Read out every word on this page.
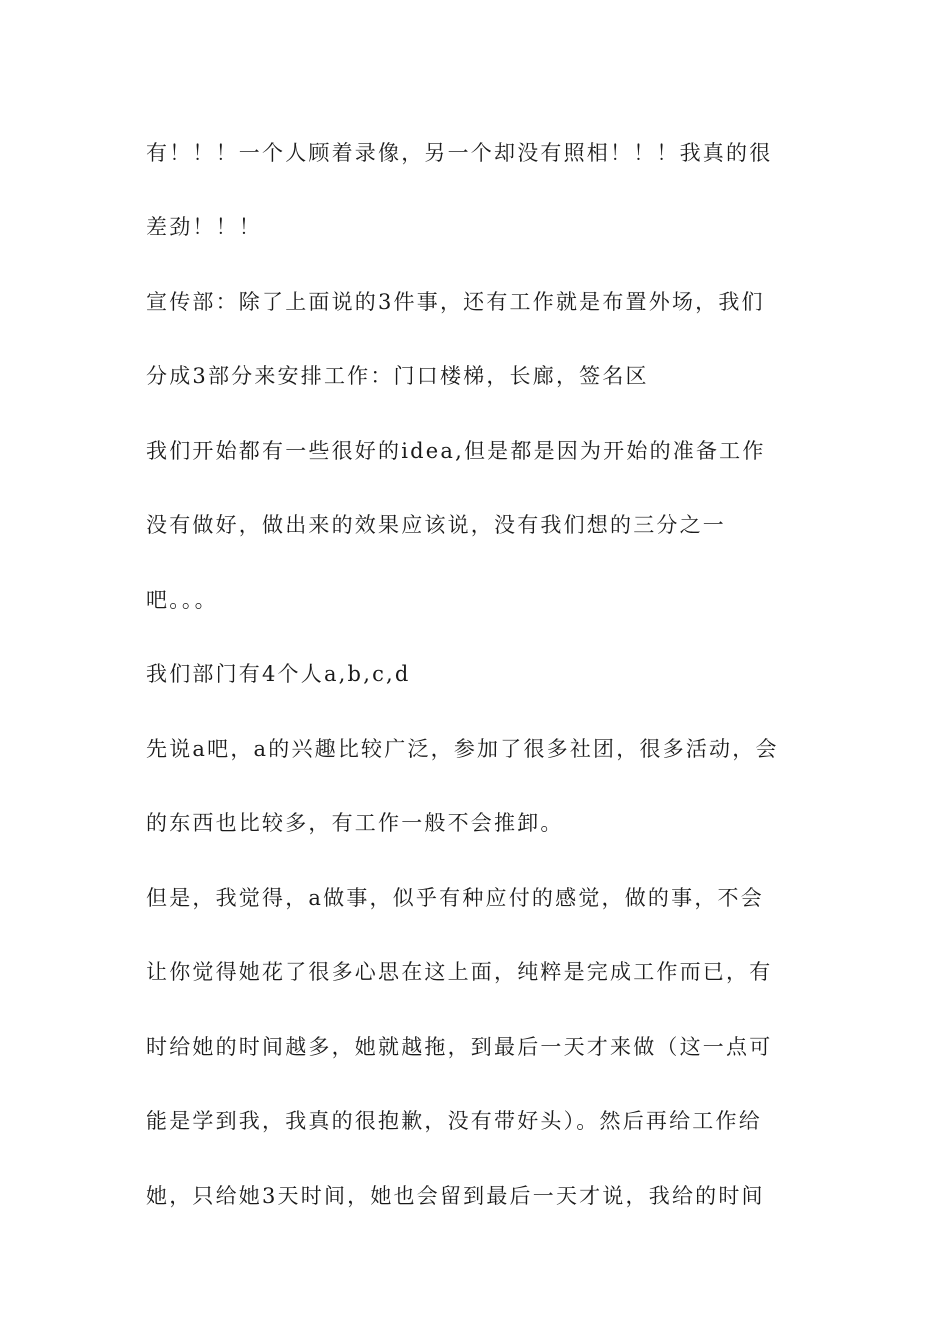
有！！！一个人顾着录像，另一个却没有照相！！！我真的很
差劲！！！
宣传部：除了上面说的3件事，还有工作就是布置外场，我们
分成3部分来安排工作：门口楼梯，长廊，签名区
我们开始都有一些很好的idea,但是都是因为开始的准备工作
没有做好，做出来的效果应该说，没有我们想的三分之一
吧。。。
我们部门有4个人a,b,c,d
先说a吧，a的兴趣比较广泛，参加了很多社团，很多活动，会
的东西也比较多，有工作一般不会推卸。
但是，我觉得，a做事，似乎有种应付的感觉，做的事，不会
让你觉得她花了很多心思在这上面，纯粹是完成工作而已，有
时给她的时间越多，她就越拖，到最后一天才来做（这一点可
能是学到我，我真的很抱歉，没有带好头）。然后再给工作给
她，只给她3天时间，她也会留到最后一天才说，我给的时间
